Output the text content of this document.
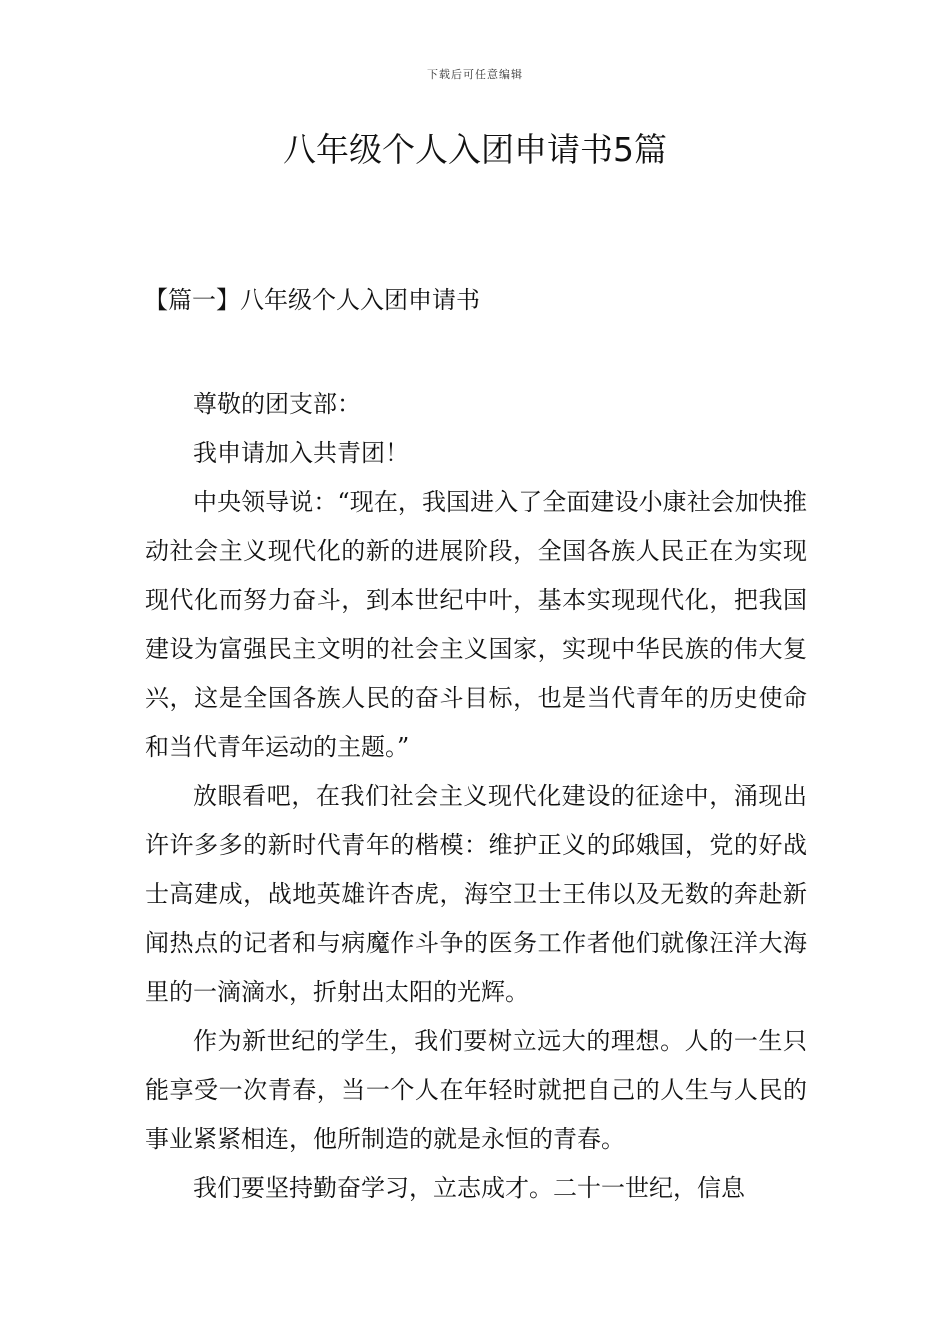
下载后可任意编辑
八年级个人入团申请书5篇
【篇一】八年级个人入团申请书

尊敬的团支部：

我申请加入共青团！

中央领导说：“现在，我国进入了全面建设小康社会加快推动社会主义现代化的新的进展阶段，全国各族人民正在为实现现代化而努力奋斗，到本世纪中叶，基本实现现代化，把我国建设为富强民主文明的社会主义国家，实现中华民族的伟大复兴，这是全国各族人民的奋斗目标，也是当代青年的历史使命和当代青年运动的主题。”

放眼看吧，在我们社会主义现代化建设的征途中，涌现出许许多多的新时代青年的楷模：维护正义的邱娥国，党的好战士高建成，战地英雄许杏虎，海空卫士王伟以及无数的奔赴新闻热点的记者和与病魔作斗争的医务工作者他们就像汪洋大海里的一滴滴水，折射出太阳的光辉。

作为新世纪的学生，我们要树立远大的理想。人的一生只能享受一次青春，当一个人在年轻时就把自己的人生与人民的事业紧紧相连，他所制造的就是永恒的青春。

我们要坚持勤奋学习，立志成才。二十一世纪，信息
